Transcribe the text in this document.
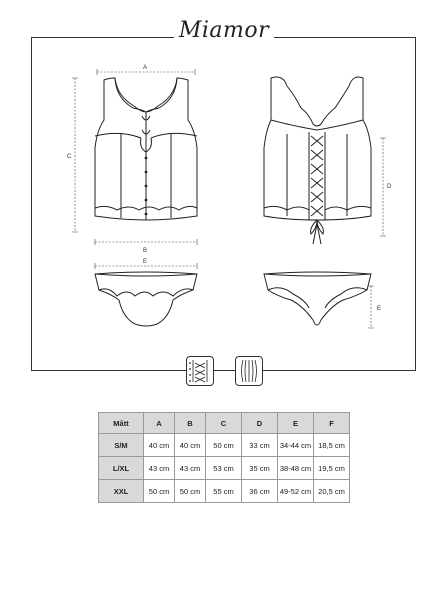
Miamor
A
B
C
D
E
E
Mått	A	B	C	D	E	F
S/M	40 cm	40 cm	50 cm	33 cm	34-44 cm	18,5 cm
L/XL	43 cm	43 cm	53 cm	35 cm	38-48 cm	19,5 cm
XXL	50 cm	50 cm	55 cm	36 cm	49-52 cm	20,5 cm
